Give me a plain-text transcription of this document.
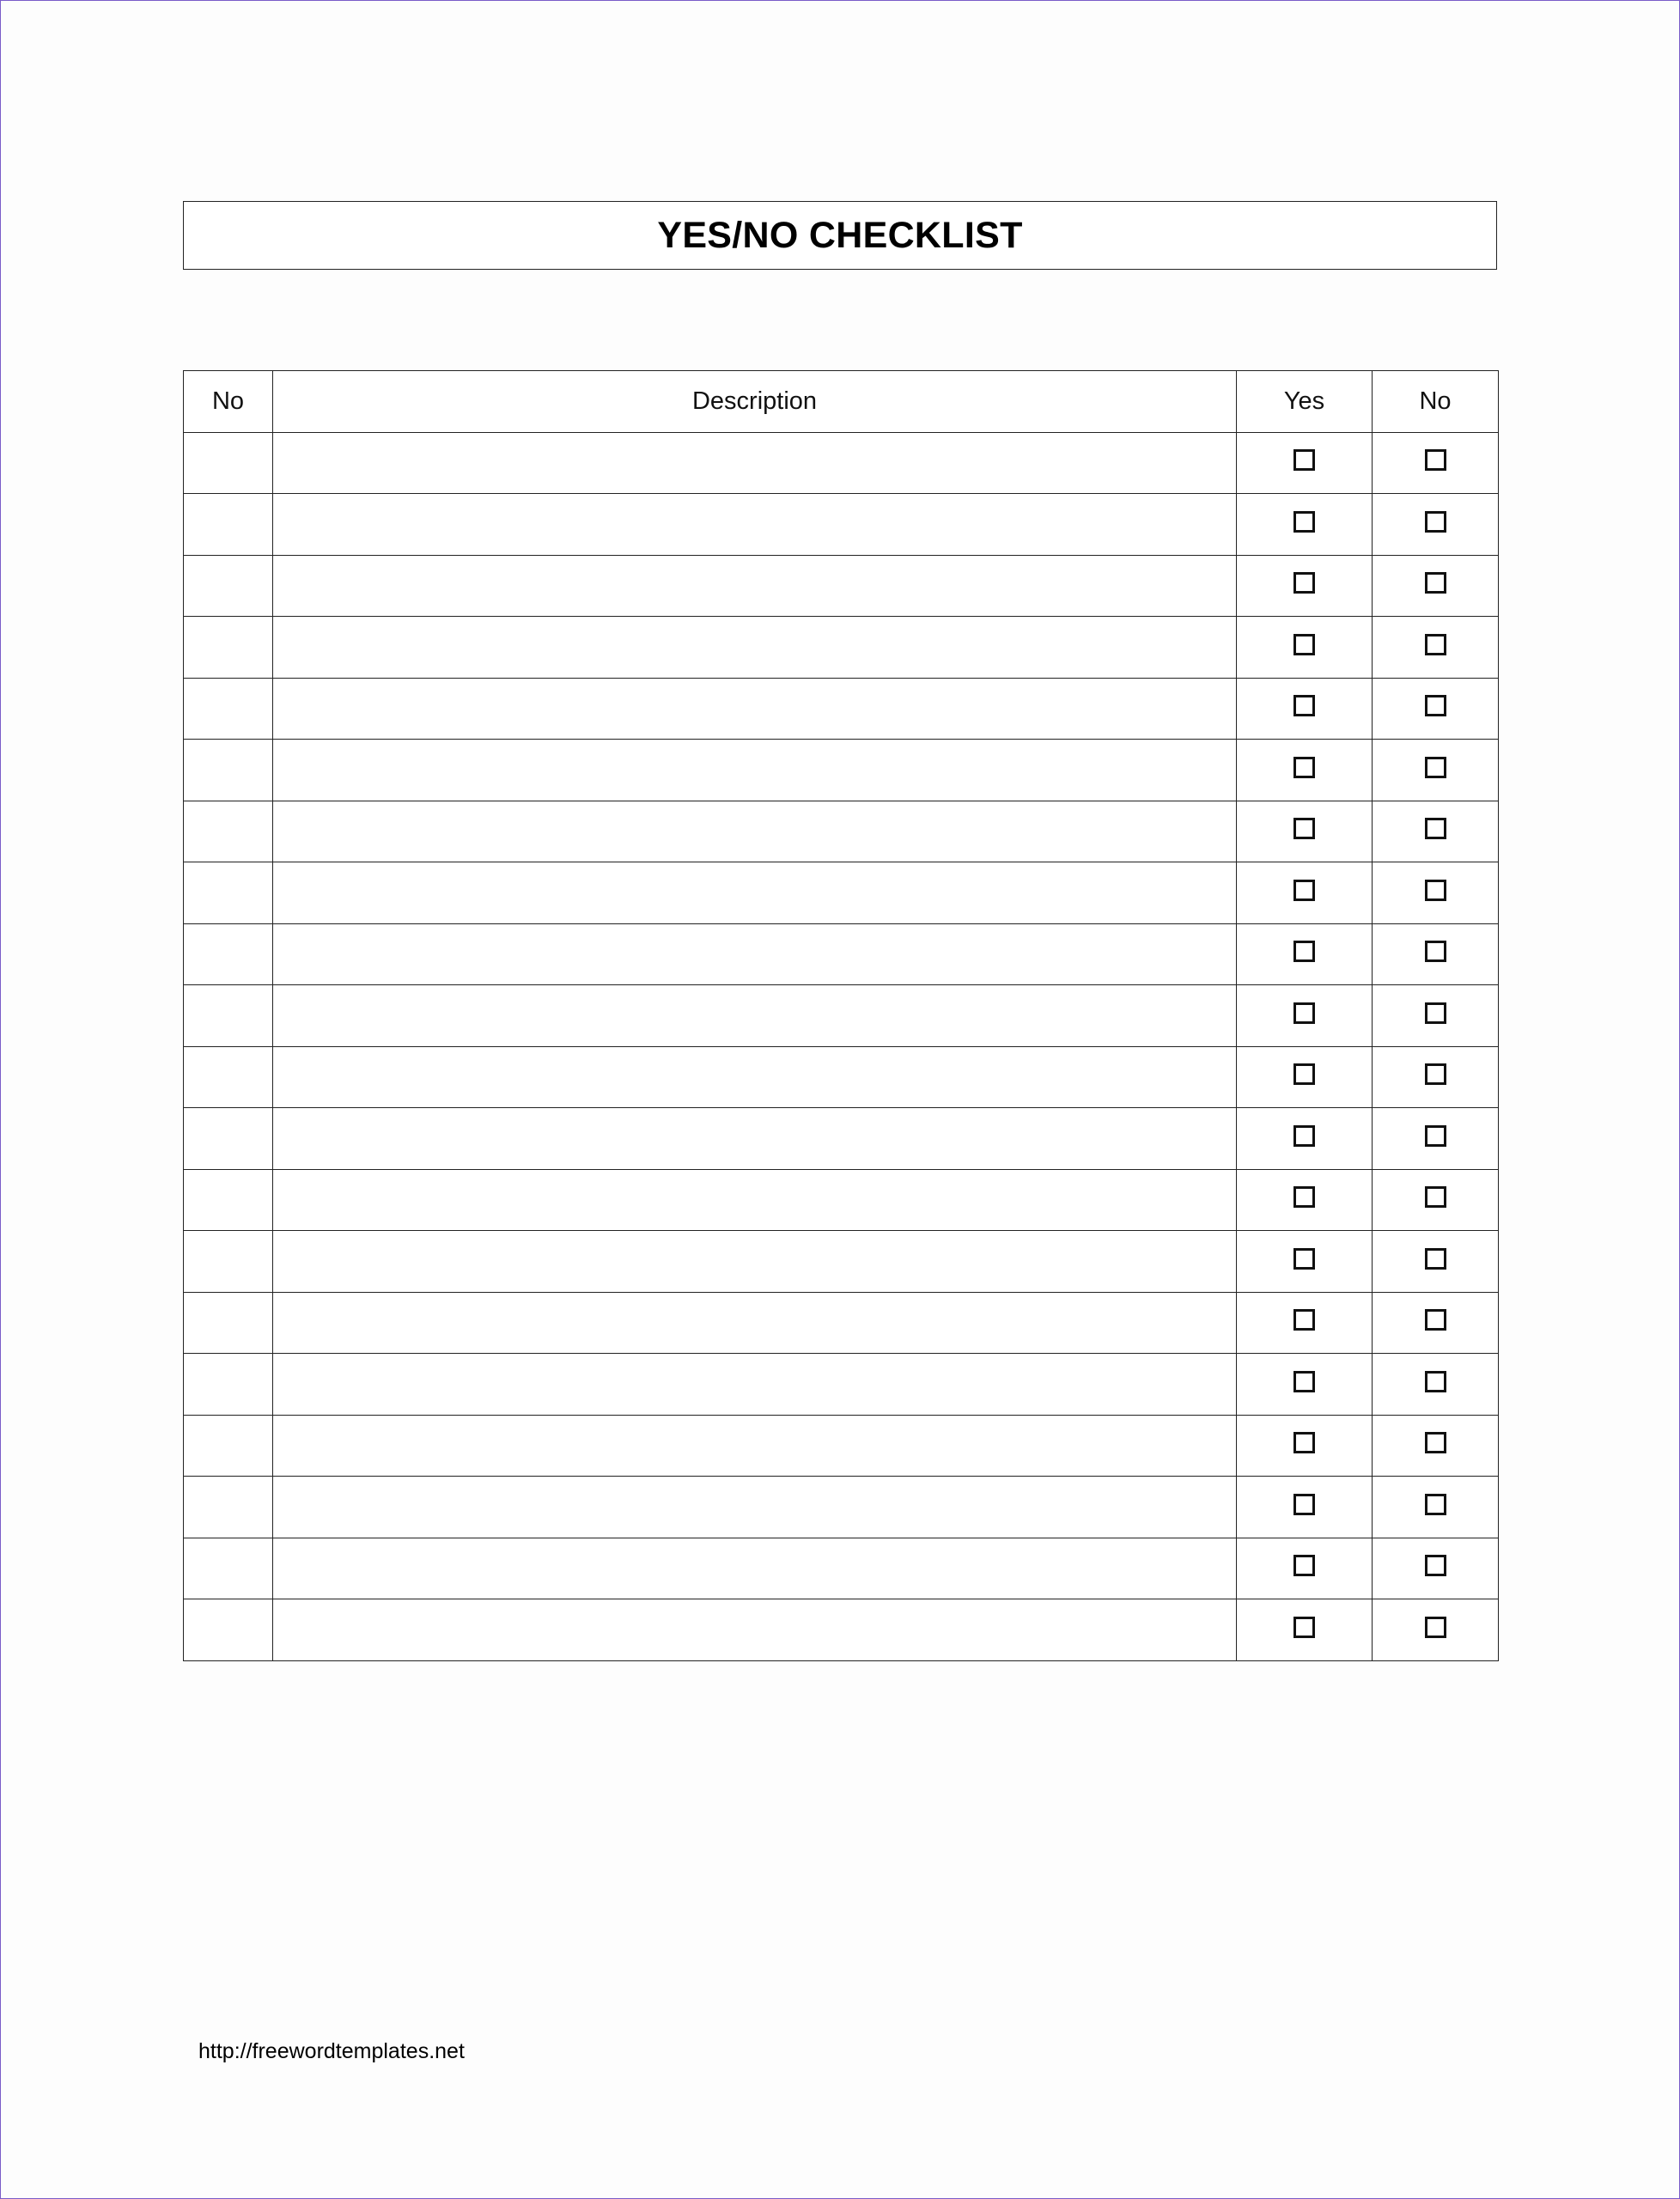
YES/NO CHECKLIST
No	Description	Yes	No

http://freewordtemplates.net
